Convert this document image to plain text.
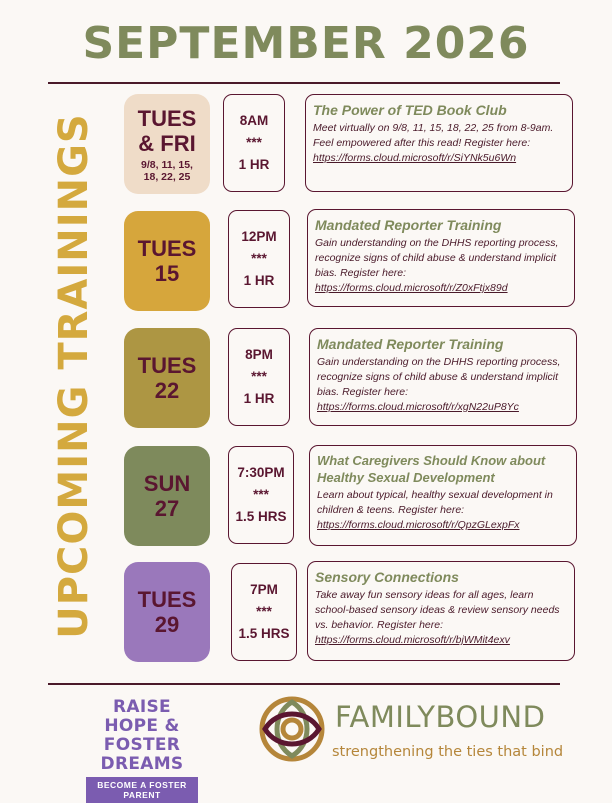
SEPTEMBER 2026
UPCOMING TRAININGS TUES
& FRI
9/8, 11, 15, 18, 22, 25
8AM
***
1 HR
The Power of TED Book Club
Meet virtually on 9/8, 11, 15, 18, 22, 25 from 8-9am. Feel empowered after this read! Register here:
https://forms.cloud.microsoft/r/SiYNk5u6Wn
TUES
15
12PM
***
1 HR
Mandated Reporter Training
Gain understanding on the DHHS reporting process, recognize signs of child abuse & understand implicit bias. Register here:
https://forms.cloud.microsoft/r/Z0xFtjx89d
TUES
22
8PM
***
1 HR
Mandated Reporter Training
Gain understanding on the DHHS reporting process, recognize signs of child abuse & understand implicit bias. Register here:
https://forms.cloud.microsoft/r/xgN22uP8Yc
SUN
27
7:30PM
***
1.5 HRS
What Caregivers Should Know about Healthy Sexual Development
Learn about typical, healthy sexual development in children & teens. Register here:
https://forms.cloud.microsoft/r/QpzGLexpFx
TUES
29
7PM
***
1.5 HRS
Sensory Connections
Take away fun sensory ideas for all ages, learn school-based sensory ideas & review sensory needs vs. behavior. Register here:
https://forms.cloud.microsoft/r/bjWMit4exv
RAISE HOPE &
FOSTER DREAMS
BECOME A FOSTER PARENT
FAMILYBOUND
strengthening the ties that bind
